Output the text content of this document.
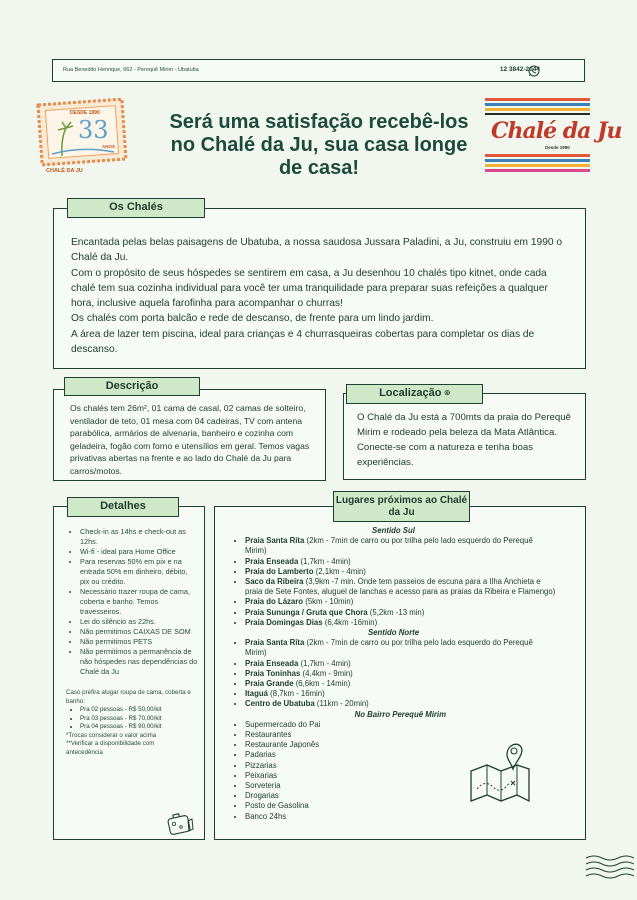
Rua Benedito Henrique, 662 - Perequê Mirim - Ubatuba	12 3842-2044
DESDE 1990
33
ANOS
CHALÉ DA JU
Chalé da Ju
Desde 1990
Será uma satisfação recebê-los no Chalé da Ju, sua casa longe de casa!

Encantada pelas belas paisagens de Ubatuba, a nossa saudosa Jussara Paladini, a Ju, construiu em 1990 o Chalé da Ju.

Com o propósito de seus hóspedes se sentirem em casa, a Ju desenhou 10 chalés tipo kitnet, onde cada chalé tem sua cozinha individual para você ter uma tranquilidade para preparar suas refeições a qualquer hora, inclusive aquela farofinha para acompanhar o churras!

Os chalés com porta balcão e rede de descanso, de frente para um lindo jardim.

A área de lazer tem piscina, ideal para crianças e 4 churrasqueiras cobertas para completar os dias de descanso.

Os Chalés

Os chalés tem 26m², 01 cama de casal, 02 camas de solteiro, ventilador de teto, 01 mesa com 04 cadeiras, TV com antena parabólica, armários de alvenaria, banheiro e cozinha com geladeira, fogão com forno e utensílios em geral. Temos vagas privativas abertas na frente e ao lado do Chalé da Ju para carros/motos.

Descrição

O Chalé da Ju está a 700mts da praia do Perequê Mirim e rodeado pela beleza da Mata Atlântica. Conecte-se com a natureza e tenha boas experiências.

Localização ⌾
• Check-in as 14hs e check-out as 12hs.
• Wi-fi - ideal para Home Office
• Para reservas 50% em pix e na entrada 50% em dinheiro, débito, pix ou crédito.
• Necessário trazer roupa de cama, coberta e banho. Temos travesseiros.
• Lei do silêncio as 22hs.
• Não permitimos CAIXAS DE SOM
• Não permitimos PETS
• Não permitimos a permanência de não hóspedes nas dependências do Chalé da Ju
Caso prefira alugar roupa de cama, coberta e banho:
• Pra 02 pessoas - R$ 50,00/kit
• Pra 03 pessoas - R$ 70,00/kit
• Pra 04 pessoas - R$ 90,00/kit
*Trocas considerar o valor acima
**Verificar a disponibilidade com antecedência
Detalhes
Sentido Sul
• Praia Santa Rita (2km - 7min de carro ou por trilha pelo lado esquerdo do Perequê Mirim)
• Praia Enseada (1,7km - 4min)
• Praia do Lamberto (2,1km - 4min)
• Saco da Ribeira (3,9km -7 min. Onde tem passeios de escuna para a Ilha Anchieta e praia de Sete Fontes, aluguel de lanchas e acesso para as praias da Ribeira e Flamengo)
• Praia do Lázaro (5km - 10min)
• Praia Sununga / Gruta que Chora (5,2km -13 min)
• Praia Domingas Dias (6,4km -16min)
Sentido Norte
• Praia Santa Rita (2km - 7min de carro ou por trilha pelo lado esquerdo do Perequê Mirim)
• Praia Enseada (1,7km - 4min)
• Praia Toninhas (4,4km - 9min)
• Praia Grande (6,6km - 14min)
• Itaguá (8,7km - 16min)
• Centro de Ubatuba (11km - 20min)
No Bairro Perequê Mirim
• Supermercado do Pai
• Restaurantes
• Restaurante Japonês
• Padarias
• Pizzarias
• Peixarias
• Sorveteria
• Drogarias
• Posto de Gasolina
• Banco 24hs
Lugares próximos ao Chalé da Ju
